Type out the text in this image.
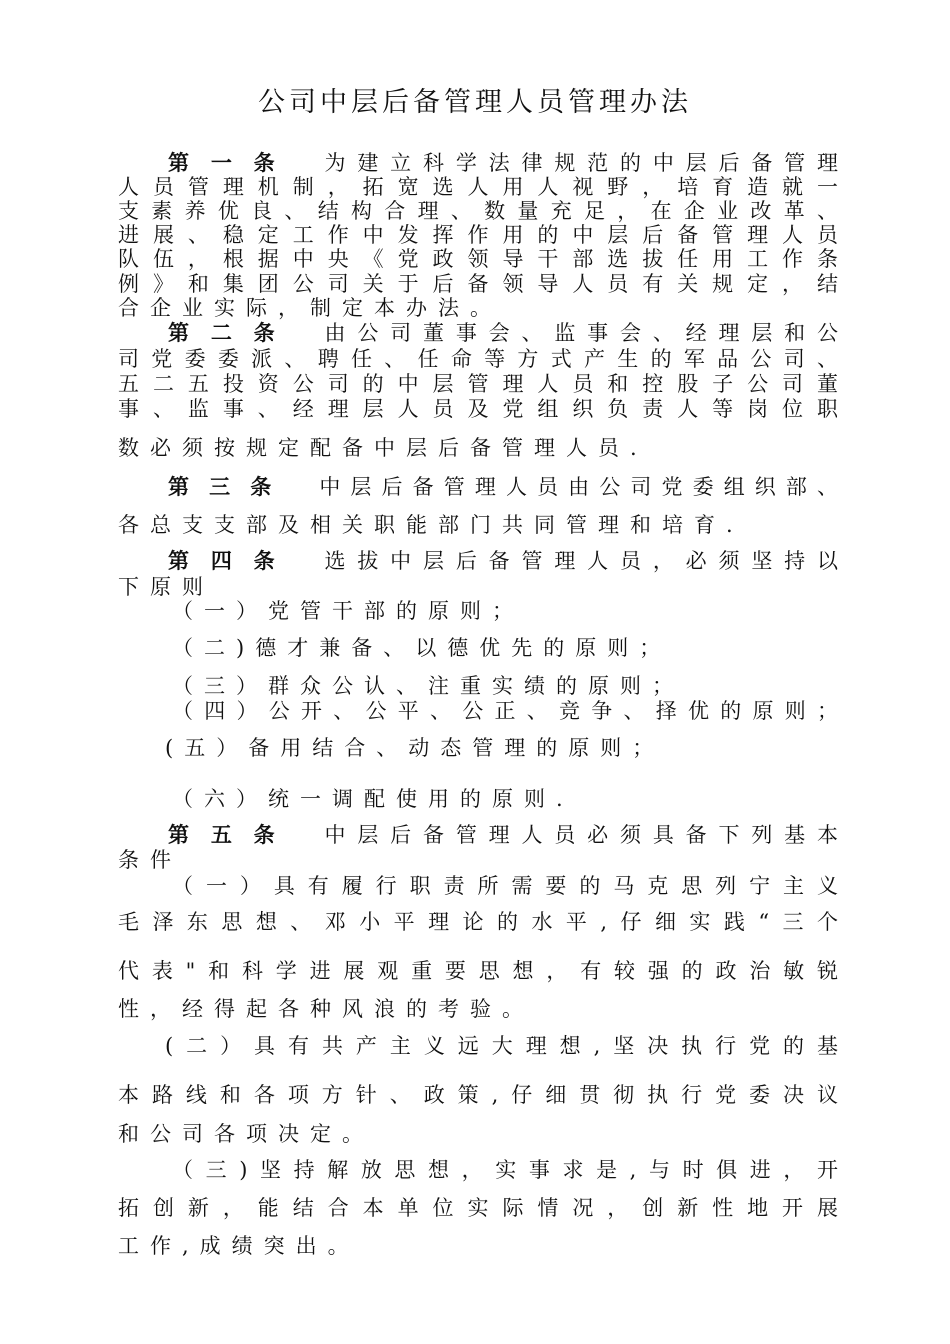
公司中层后备管理人员管理办法
第一条 为建立科学法律规范的中层后备管理
人员管理机制，拓宽选人用人视野，培育造就一
支素养优良、结构合理、数量充足，在企业改革、
进展、稳定工作中发挥作用的中层后备管理人员
队伍，根据中央《党政领导干部选拔任用工作条
例》和集团公司关于后备领导人员有关规定，结
合企业实际，制定本办法。
第二条 由公司董事会、监事会、经理层和公
司党委委派、聘任、任命等方式产生的军品公司、
五二五投资公司的中层管理人员和控股子公司董
事、监事、经理层人员及党组织负责人等岗位职
数必须按规定配备中层后备管理人员.
第三条 中层后备管理人员由公司党委组织部、
各总支支部及相关职能部门共同管理和培育.
第四条 选拔中层后备管理人员，必须坚持以
下原则
（一）党管干部的原则；
（二)德才兼备、以德优先的原则；
（三）群众公认、注重实绩的原则；
（四）公开、公平、公正、竞争、择优的原则；
(五）备用结合、动态管理的原则；
（六）统一调配使用的原则.
第五条 中层后备管理人员必须具备下列基本
条件
（一）具有履行职责所需要的马克思列宁主义
毛泽东思想、邓小平理论的水平,仔细实践“三个
代表"和科学进展观重要思想，有较强的政治敏锐
性，经得起各种风浪的考验。
(二）具有共产主义远大理想,坚决执行党的基
本路线和各项方针、政策,仔细贯彻执行党委决议
和公司各项决定。
（三)坚持解放思想，实事求是,与时俱进，开
拓创新，能结合本单位实际情况，创新性地开展
工作,成绩突出。
